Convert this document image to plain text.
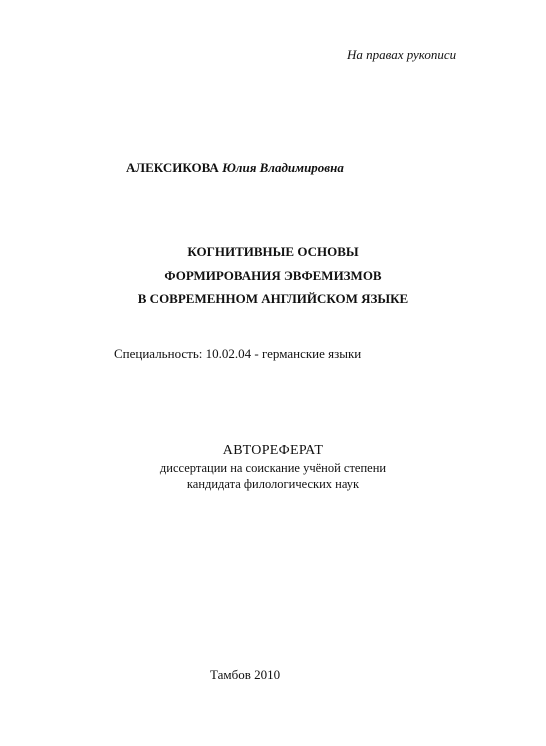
На правах рукописи
АЛЕКСИКОВА Юлия Владимировна
КОГНИТИВНЫЕ ОСНОВЫ
ФОРМИРОВАНИЯ ЭВФЕМИЗМОВ
В СОВРЕМЕННОМ АНГЛИЙСКОМ ЯЗЫКЕ
Специальность: 10.02.04 - германские языки
АВТОРЕФЕРАТ
диссертации на соискание учёной степени
кандидата филологических наук
Тамбов 2010
